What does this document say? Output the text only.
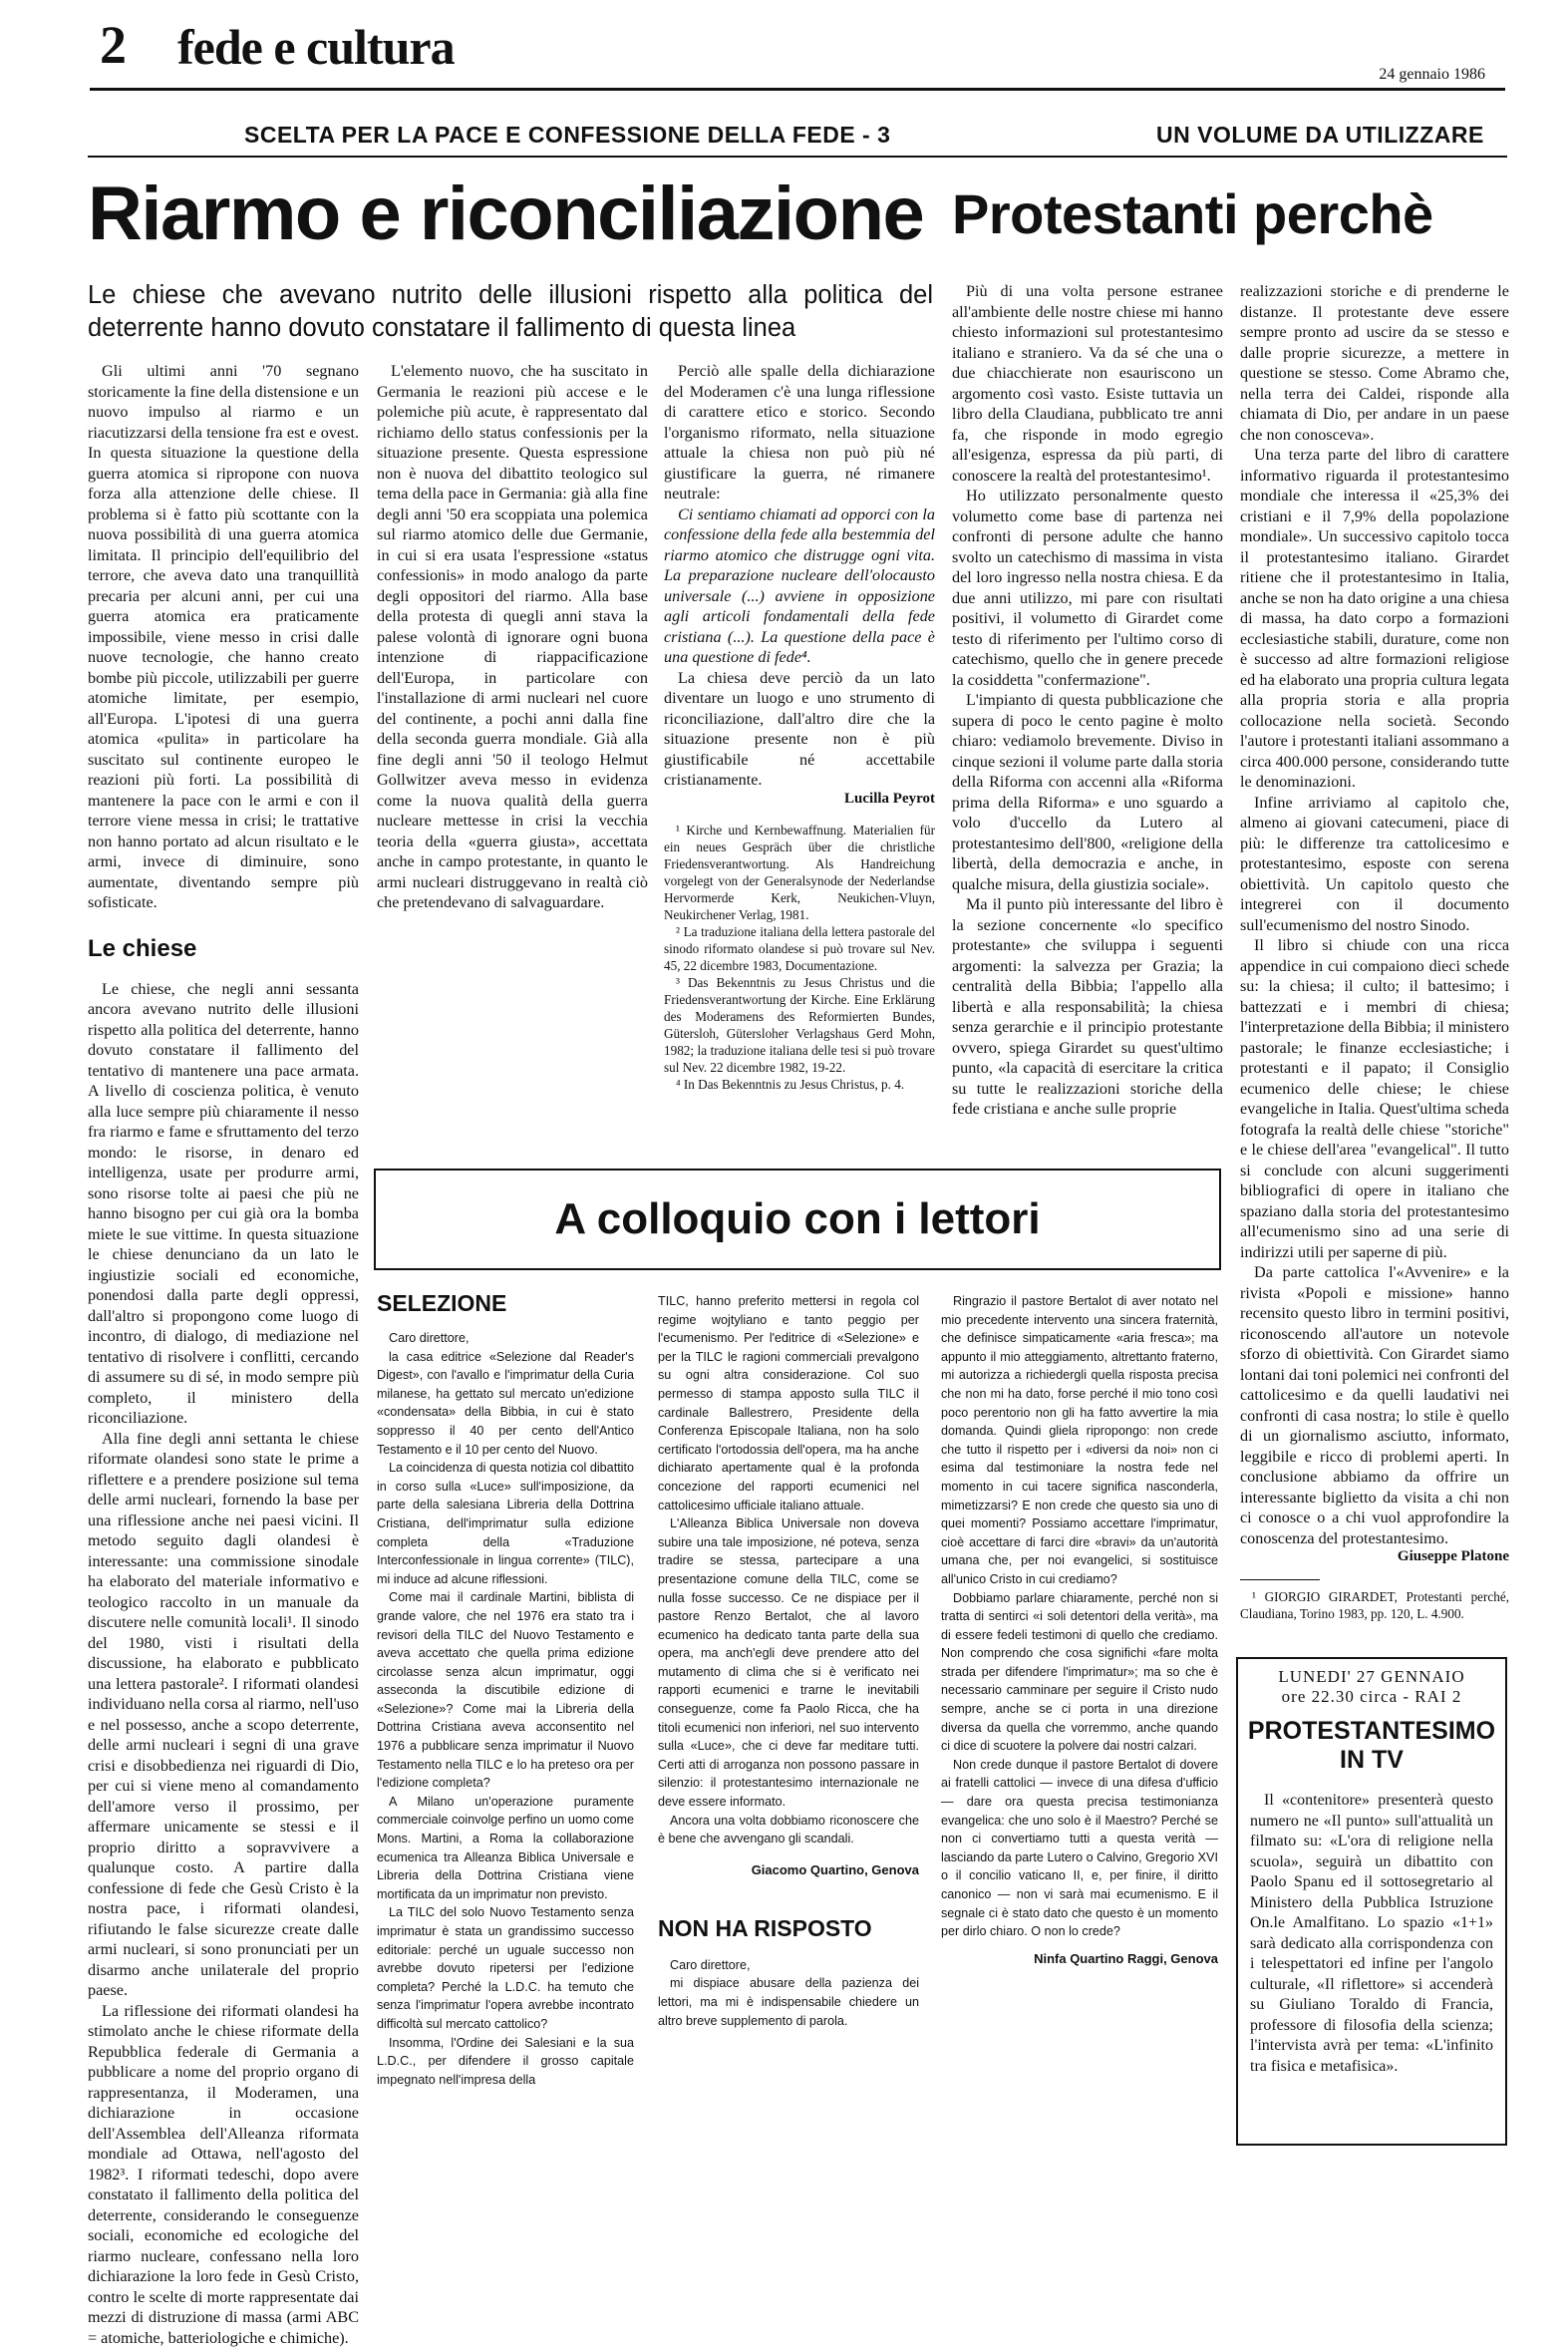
2 fede e cultura	24 gennaio 1986
SCELTA PER LA PACE E CONFESSIONE DELLA FEDE - 3	UN VOLUME DA UTILIZZARE
Riarmo e riconciliazione
Le chiese che avevano nutrito delle illusioni rispetto alla politica del deterrente hanno dovuto constatare il fallimento di questa linea
Protestanti perchè

Gli ultimi anni '70 segnano storicamente la fine della distensione e un nuovo impulso al riarmo e un riacutizzarsi della tensione fra est e ovest. In questa situazione la questione della guerra atomica si ripropone con nuova forza alla attenzione delle chiese. Il problema si è fatto più scottante con la nuova possibilità di una guerra atomica limitata. Il principio dell'equilibrio del terrore, che aveva dato una tranquillità precaria per alcuni anni, per cui una guerra atomica era praticamente impossibile, viene messo in crisi dalle nuove tecnologie, che hanno creato bombe più piccole, utilizzabili per guerre atomiche limitate, per esempio, all'Europa. L'ipotesi di una guerra atomica «pulita» in particolare ha suscitato sul continente europeo le reazioni più forti. La possibilità di mantenere la pace con le armi e con il terrore viene messa in crisi; le trattative non hanno portato ad alcun risultato e le armi, invece di diminuire, sono aumentate, diventando sempre più sofisticate.

Le chiese

Le chiese, che negli anni sessanta ancora avevano nutrito delle illusioni rispetto alla politica del deterrente, hanno dovuto constatare il fallimento del tentativo di mantenere una pace armata. A livello di coscienza politica, è venuto alla luce sempre più chiaramente il nesso fra riarmo e fame e sfruttamento del terzo mondo: le risorse, in denaro ed intelligenza, usate per produrre armi, sono risorse tolte ai paesi che più ne hanno bisogno per cui già ora la bomba miete le sue vittime. In questa situazione le chiese denunciano da un lato le ingiustizie sociali ed economiche, ponendosi dalla parte degli oppressi, dall'altro si propongono come luogo di incontro, di dialogo, di mediazione nel tentativo di risolvere i conflitti, cercando di assumere su di sé, in modo sempre più completo, il ministero della riconciliazione.

Alla fine degli anni settanta le chiese riformate olandesi sono state le prime a riflettere e a prendere posizione sul tema delle armi nucleari, fornendo la base per una riflessione anche nei paesi vicini. Il metodo seguito dagli olandesi è interessante: una commissione sinodale ha elaborato del materiale informativo e teologico raccolto in un manuale da discutere nelle comunità locali¹. Il sinodo del 1980, visti i risultati della discussione, ha elaborato e pubblicato una lettera pastorale². I riformati olandesi individuano nella corsa al riarmo, nell'uso e nel possesso, anche a scopo deterrente, delle armi nucleari i segni di una grave crisi e disobbedienza nei riguardi di Dio, per cui si viene meno al comandamento dell'amore verso il prossimo, per affermare unicamente se stessi e il proprio diritto a sopravvivere a qualunque costo. A partire dalla confessione di fede che Gesù Cristo è la nostra pace, i riformati olandesi, rifiutando le false sicurezze create dalle armi nucleari, si sono pronunciati per un disarmo anche unilaterale del proprio paese.

La riflessione dei riformati olandesi ha stimolato anche le chiese riformate della Repubblica federale di Germania a pubblicare a nome del proprio organo di rappresentanza, il Moderamen, una dichiarazione in occasione dell'Assemblea dell'Alleanza riformata mondiale ad Ottawa, nell'agosto del 1982³. I riformati tedeschi, dopo avere constatato il fallimento della politica del deterrente, considerando le conseguenze sociali, economiche ed ecologiche del riarmo nucleare, confessano nella loro dichiarazione la loro fede in Gesù Cristo, contro le scelte di morte rappresentate dai mezzi di distruzione di massa (armi ABC = atomiche, batteriologiche e chimiche).

L'elemento nuovo, che ha suscitato in Germania le reazioni più accese e le polemiche più acute, è rappresentato dal richiamo dello status confessionis per la situazione presente. Questa espressione non è nuova del dibattito teologico sul tema della pace in Germania: già alla fine degli anni '50 era scoppiata una polemica sul riarmo atomico delle due Germanie, in cui si era usata l'espressione «status confessionis» in modo analogo da parte degli oppositori del riarmo. Alla base della protesta di quegli anni stava la palese volontà di ignorare ogni buona intenzione di riappacificazione dell'Europa, in particolare con l'installazione di armi nucleari nel cuore del continente, a pochi anni dalla fine della seconda guerra mondiale. Già alla fine degli anni '50 il teologo Helmut Gollwitzer aveva messo in evidenza come la nuova qualità della guerra nucleare mettesse in crisi la vecchia teoria della «guerra giusta», accettata anche in campo protestante, in quanto le armi nucleari distruggevano in realtà ciò che pretendevano di salvaguardare.

Perciò alle spalle della dichiarazione del Moderamen c'è una lunga riflessione di carattere etico e storico. Secondo l'organismo riformato, nella situazione attuale la chiesa non può più né giustificare la guerra, né rimanere neutrale:

Ci sentiamo chiamati ad opporci con la confessione della fede alla bestemmia del riarmo atomico che distrugge ogni vita. La preparazione nucleare dell'olocausto universale (...) avviene in opposizione agli articoli fondamentali della fede cristiana (...). La questione della pace è una questione di fede⁴.

La chiesa deve perciò da un lato diventare un luogo e uno strumento di riconciliazione, dall'altro dire che la situazione presente non è più giustificabile né accettabile cristianamente.

Lucilla Peyrot

¹ Kirche und Kernbewaffnung. Materialien für ein neues Gespräch über die christliche Friedensverantwortung. Als Handreichung vorgelegt von der Generalsynode der Nederlandse Hervormerde Kerk, Neukichen-Vluyn, Neukirchener Verlag, 1981.

² La traduzione italiana della lettera pastorale del sinodo riformato olandese si può trovare sul Nev. 45, 22 dicembre 1983, Documentazione.

³ Das Bekenntnis zu Jesus Christus und die Friedensverantwortung der Kirche. Eine Erklärung des Moderamens des Reformierten Bundes, Gütersloh, Gütersloher Verlagshaus Gerd Mohn, 1982; la traduzione italiana delle tesi si può trovare sul Nev. 22 dicembre 1982, 19-22.

⁴ In Das Bekenntnis zu Jesus Christus, p. 4.

Più di una volta persone estranee all'ambiente delle nostre chiese mi hanno chiesto informazioni sul protestantesimo italiano e straniero. Va da sé che una o due chiacchierate non esauriscono un argomento così vasto. Esiste tuttavia un libro della Claudiana, pubblicato tre anni fa, che risponde in modo egregio all'esigenza, espressa da più parti, di conoscere la realtà del protestantesimo¹.

Ho utilizzato personalmente questo volumetto come base di partenza nei confronti di persone adulte che hanno svolto un catechismo di massima in vista del loro ingresso nella nostra chiesa. E da due anni utilizzo, mi pare con risultati positivi, il volumetto di Girardet come testo di riferimento per l'ultimo corso di catechismo, quello che in genere precede la cosiddetta "confermazione".

L'impianto di questa pubblicazione che supera di poco le cento pagine è molto chiaro: vediamolo brevemente. Diviso in cinque sezioni il volume parte dalla storia della Riforma con accenni alla «Riforma prima della Riforma» e uno sguardo a volo d'uccello da Lutero al protestantesimo dell'800, «religione della libertà, della democrazia e anche, in qualche misura, della giustizia sociale».

Ma il punto più interessante del libro è la sezione concernente «lo specifico protestante» che sviluppa i seguenti argomenti: la salvezza per Grazia; la centralità della Bibbia; l'appello alla libertà e alla responsabilità; la chiesa senza gerarchie e il principio protestante ovvero, spiega Girardet su quest'ultimo punto, «la capacità di esercitare la critica su tutte le realizzazioni storiche della fede cristiana e anche sulle proprie

realizzazioni storiche e di prenderne le distanze. Il protestante deve essere sempre pronto ad uscire da se stesso e dalle proprie sicurezze, a mettere in questione se stesso. Come Abramo che, nella terra dei Caldei, risponde alla chiamata di Dio, per andare in un paese che non conosceva».

Una terza parte del libro di carattere informativo riguarda il protestantesimo mondiale che interessa il «25,3% dei cristiani e il 7,9% della popolazione mondiale». Un successivo capitolo tocca il protestantesimo italiano. Girardet ritiene che il protestantesimo in Italia, anche se non ha dato origine a una chiesa di massa, ha dato corpo a formazioni ecclesiastiche stabili, durature, come non è successo ad altre formazioni religiose ed ha elaborato una propria cultura legata alla propria storia e alla propria collocazione nella società. Secondo l'autore i protestanti italiani assommano a circa 400.000 persone, considerando tutte le denominazioni.

Infine arriviamo al capitolo che, almeno ai giovani catecumeni, piace di più: le differenze tra cattolicesimo e protestantesimo, esposte con serena obiettività. Un capitolo questo che integrerei con il documento sull'ecumenismo del nostro Sinodo.

Il libro si chiude con una ricca appendice in cui compaiono dieci schede su: la chiesa; il culto; il battesimo; i battezzati e i membri di chiesa; l'interpretazione della Bibbia; il ministero pastorale; le finanze ecclesiastiche; i protestanti e il papato; il Consiglio ecumenico delle chiese; le chiese evangeliche in Italia. Quest'ultima scheda fotografa la realtà delle chiese "storiche" e le chiese dell'area "evangelical". Il tutto si conclude con alcuni suggerimenti bibliografici di opere in italiano che spaziano dalla storia del protestantesimo all'ecumenismo sino ad una serie di indirizzi utili per saperne di più.

Da parte cattolica l'«Avvenire» e la rivista «Popoli e missione» hanno recensito questo libro in termini positivi, riconoscendo all'autore un notevole sforzo di obiettività. Con Girardet siamo lontani dai toni polemici nei confronti del cattolicesimo e da quelli laudativi nei confronti di casa nostra; lo stile è quello di un giornalismo asciutto, informato, leggibile e ricco di problemi aperti. In conclusione abbiamo da offrire un interessante biglietto da visita a chi non ci conosce o a chi vuol approfondire la conoscenza del protestantesimo.

Giuseppe Platone

¹ GIORGIO GIRARDET, Protestanti perché, Claudiana, Torino 1983, pp. 120, L. 4.900.

A colloquio con i lettori
SELEZIONE

Caro direttore,

la casa editrice «Selezione dal Reader's Digest», con l'avallo e l'imprimatur della Curia milanese, ha gettato sul mercato un'edizione «condensata» della Bibbia, in cui è stato soppresso il 40 per cento dell'Antico Testamento e il 10 per cento del Nuovo.

La coincidenza di questa notizia col dibattito in corso sulla «Luce» sull'imposizione, da parte della salesiana Libreria della Dottrina Cristiana, dell'imprimatur sulla edizione completa della «Traduzione Interconfessionale in lingua corrente» (TILC), mi induce ad alcune riflessioni.

Come mai il cardinale Martini, biblista di grande valore, che nel 1976 era stato tra i revisori della TILC del Nuovo Testamento e aveva accettato che quella prima edizione circolasse senza alcun imprimatur, oggi asseconda la discutibile edizione di «Selezione»? Come mai la Libreria della Dottrina Cristiana aveva acconsentito nel 1976 a pubblicare senza imprimatur il Nuovo Testamento nella TILC e lo ha preteso ora per l'edizione completa?

A Milano un'operazione puramente commerciale coinvolge perfino un uomo come Mons. Martini, a Roma la collaborazione ecumenica tra Alleanza Biblica Universale e Libreria della Dottrina Cristiana viene mortificata da un imprimatur non previsto.

La TILC del solo Nuovo Testamento senza imprimatur è stata un grandissimo successo editoriale: perché un uguale successo non avrebbe dovuto ripetersi per l'edizione completa? Perché la L.D.C. ha temuto che senza l'imprimatur l'opera avrebbe incontrato difficoltà sul mercato cattolico?

Insomma, l'Ordine dei Salesiani e la sua L.D.C., per difendere il grosso capitale impegnato nell'impresa della

TILC, hanno preferito mettersi in regola col regime wojtyliano e tanto peggio per l'ecumenismo. Per l'editrice di «Selezione» e per la TILC le ragioni commerciali prevalgono su ogni altra considerazione. Col suo permesso di stampa apposto sulla TILC il cardinale Ballestrero, Presidente della Conferenza Episcopale Italiana, non ha solo certificato l'ortodossia dell'opera, ma ha anche dichiarato apertamente qual è la profonda concezione del rapporti ecumenici nel cattolicesimo ufficiale italiano attuale.

L'Alleanza Biblica Universale non doveva subire una tale imposizione, né poteva, senza tradire se stessa, partecipare a una presentazione comune della TILC, come se nulla fosse successo. Ce ne dispiace per il pastore Renzo Bertalot, che al lavoro ecumenico ha dedicato tanta parte della sua opera, ma anch'egli deve prendere atto del mutamento di clima che si è verificato nei rapporti ecumenici e trarne le inevitabili conseguenze, come fa Paolo Ricca, che ha titoli ecumenici non inferiori, nel suo intervento sulla «Luce», che ci deve far meditare tutti. Certi atti di arroganza non possono passare in silenzio: il protestantesimo internazionale ne deve essere informato.

Ancora una volta dobbiamo riconoscere che è bene che avvengano gli scandali.

Giacomo Quartino, Genova

NON HA RISPOSTO

Caro direttore,

mi dispiace abusare della pazienza dei lettori, ma mi è indispensabile chiedere un altro breve supplemento di parola.

Ringrazio il pastore Bertalot di aver notato nel mio precedente intervento una sincera fraternità, che definisce simpaticamente «aria fresca»; ma appunto il mio atteggiamento, altrettanto fraterno, mi autorizza a richiedergli quella risposta precisa che non mi ha dato, forse perché il mio tono così poco perentorio non gli ha fatto avvertire la mia domanda. Quindi gliela ripropongo: non crede che tutto il rispetto per i «diversi da noi» non ci esima dal testimoniare la nostra fede nel momento in cui tacere significa nasconderla, mimetizzarsi? E non crede che questo sia uno di quei momenti? Possiamo accettare l'imprimatur, cioè accettare di farci dire «bravi» da un'autorità umana che, per noi evangelici, si sostituisce all'unico Cristo in cui crediamo?

Dobbiamo parlare chiaramente, perché non si tratta di sentirci «i soli detentori della verità», ma di essere fedeli testimoni di quello che crediamo. Non comprendo che cosa significhi «fare molta strada per difendere l'imprimatur»; ma so che è necessario camminare per seguire il Cristo nudo sempre, anche se ci porta in una direzione diversa da quella che vorremmo, anche quando ci dice di scuotere la polvere dai nostri calzari.

Non crede dunque il pastore Bertalot di dovere ai fratelli cattolici — invece di una difesa d'ufficio — dare ora questa precisa testimonianza evangelica: che uno solo è il Maestro? Perché se non ci convertiamo tutti a questa verità — lasciando da parte Lutero o Calvino, Gregorio XVI o il concilio vaticano II, e, per finire, il diritto canonico — non vi sarà mai ecumenismo. E il segnale ci è stato dato che questo è un momento per dirlo chiaro. O non lo crede?

Ninfa Quartino Raggi, Genova

LUNEDI' 27 GENNAIO
ore 22.30 circa - RAI 2
PROTESTANTESIMO
IN TV

Il «contenitore» presenterà questo numero ne «Il punto» sull'attualità un filmato su: «L'ora di religione nella scuola», seguirà un dibattito con Paolo Spanu ed il sottosegretario al Ministero della Pubblica Istruzione On.le Amalfitano. Lo spazio «1+1» sarà dedicato alla corrispondenza con i telespettatori ed infine per l'angolo culturale, «Il riflettore» si accenderà su Giuliano Toraldo di Francia, professore di filosofia della scienza; l'intervista avrà per tema: «L'infinito tra fisica e metafisica».
